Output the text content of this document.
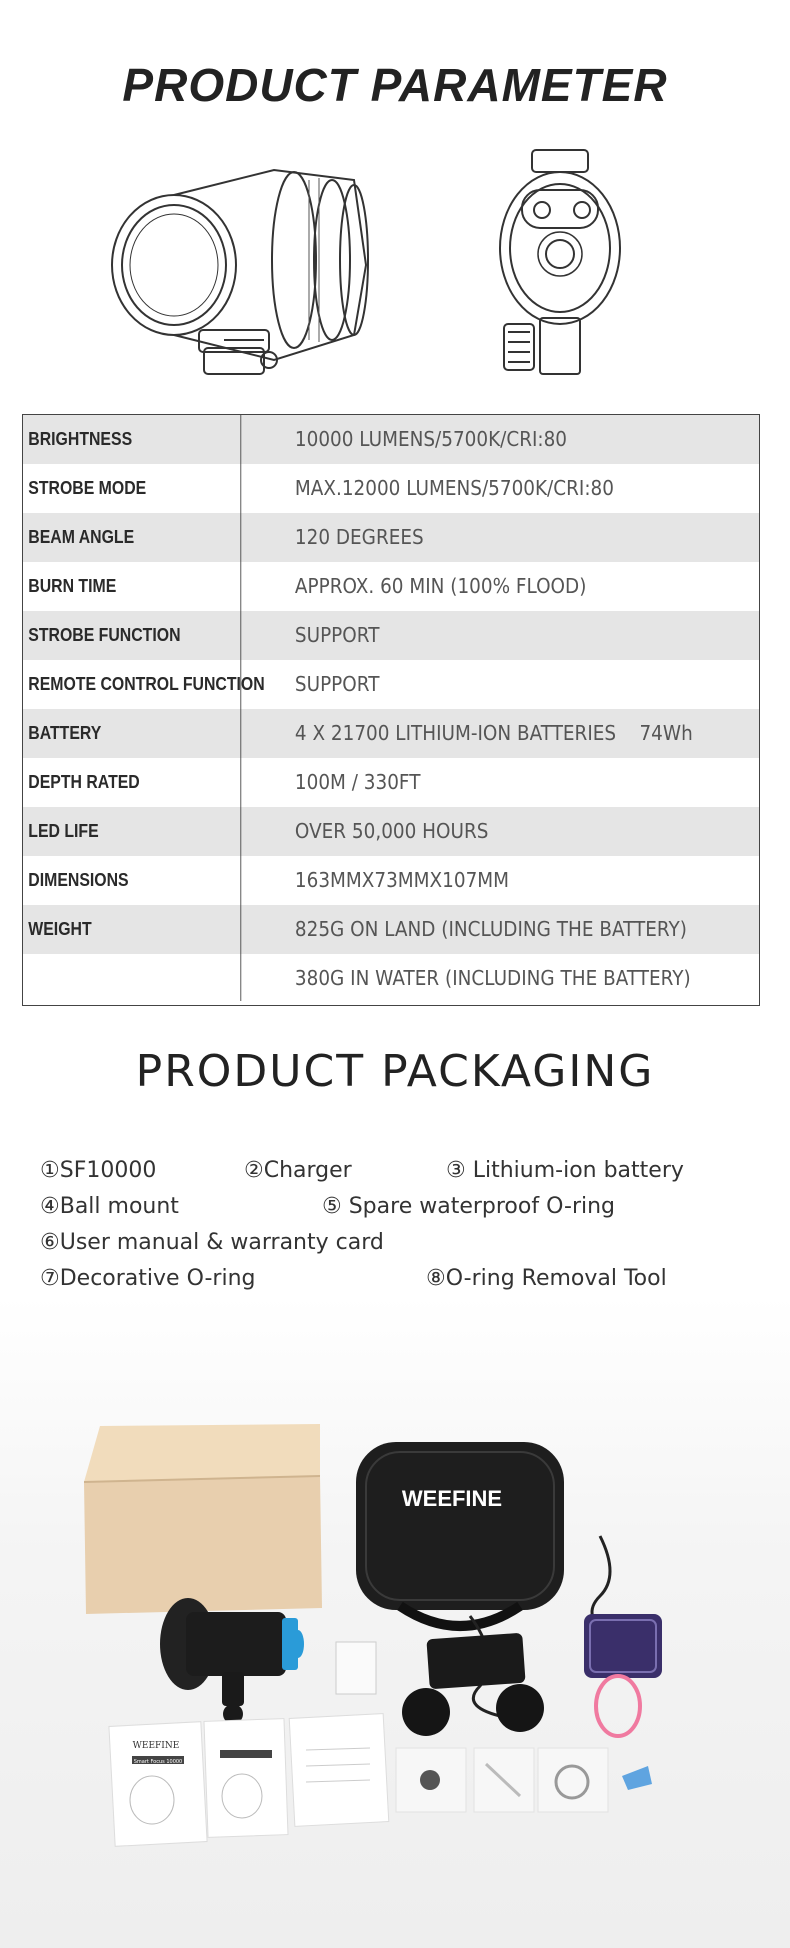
PRODUCT PARAMETER
BRIGHTNESS	10000 LUMENS/5700K/CRI:80
STROBE MODE	MAX.12000 LUMENS/5700K/CRI:80
BEAM ANGLE	120 DEGREES
BURN TIME	APPROX. 60 MIN (100% FLOOD)
STROBE FUNCTION	SUPPORT
REMOTE CONTROL FUNCTION	SUPPORT
BATTERY	4 X 21700 LITHIUM-ION BATTERIES    74Wh
DEPTH RATED	100M / 330FT
LED LIFE	OVER 50,000 HOURS
DIMENSIONS	163MMX73MMX107MM
WEIGHT	825G ON LAND (INCLUDING THE BATTERY)
380G IN WATER (INCLUDING THE BATTERY)
PRODUCT PACKAGING
①SF10000	②Charger	③ Lithium-ion battery
④Ball mount	⑤ Spare waterproof O-ring
⑥User manual & warranty card
⑦Decorative O-ring	⑧O-ring Removal Tool
WEEFINE
WEEFINE
Smart Focus 10000
